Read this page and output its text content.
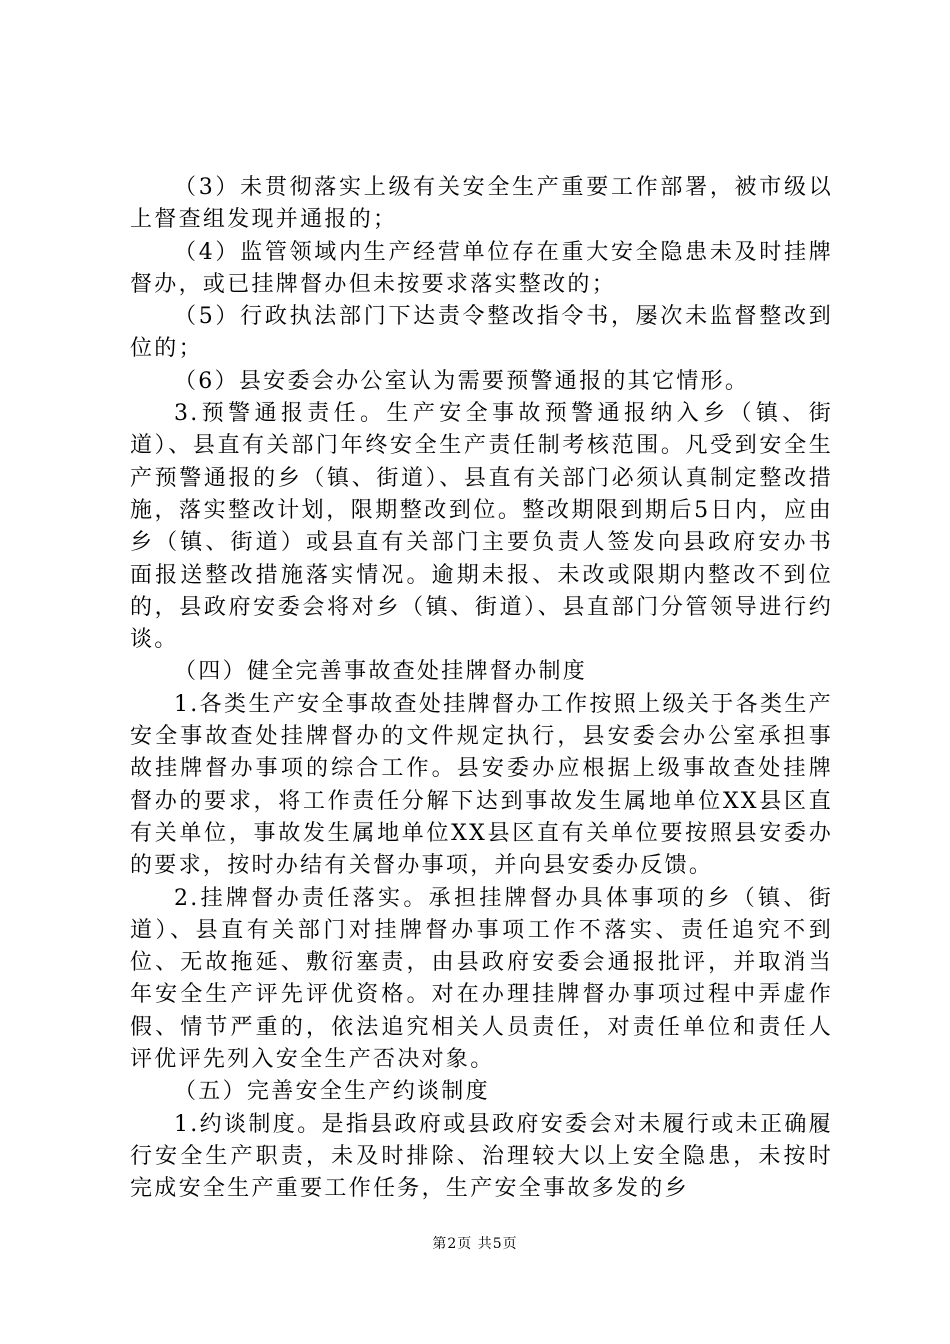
（3）未贯彻落实上级有关安全生产重要工作部署，被市级以上督查组发现并通报的；

（4）监管领域内生产经营单位存在重大安全隐患未及时挂牌督办，或已挂牌督办但未按要求落实整改的；

（5）行政执法部门下达责令整改指令书，屡次未监督整改到位的；

（6）县安委会办公室认为需要预警通报的其它情形。

3.预警通报责任。生产安全事故预警通报纳入乡（镇、街道）、县直有关部门年终安全生产责任制考核范围。凡受到安全生产预警通报的乡（镇、街道）、县直有关部门必须认真制定整改措施，落实整改计划，限期整改到位。整改期限到期后5日内，应由乡（镇、街道）或县直有关部门主要负责人签发向县政府安办书面报送整改措施落实情况。逾期未报、未改或限期内整改不到位的，县政府安委会将对乡（镇、街道）、县直部门分管领导进行约谈。

（四）健全完善事故查处挂牌督办制度

1.各类生产安全事故查处挂牌督办工作按照上级关于各类生产安全事故查处挂牌督办的文件规定执行，县安委会办公室承担事故挂牌督办事项的综合工作。县安委办应根据上级事故查处挂牌督办的要求，将工作责任分解下达到事故发生属地单位XX县区直有关单位，事故发生属地单位XX县区直有关单位要按照县安委办的要求，按时办结有关督办事项，并向县安委办反馈。

2.挂牌督办责任落实。承担挂牌督办具体事项的乡（镇、街道）、县直有关部门对挂牌督办事项工作不落实、责任追究不到位、无故拖延、敷衍塞责，由县政府安委会通报批评，并取消当年安全生产评先评优资格。对在办理挂牌督办事项过程中弄虚作假、情节严重的，依法追究相关人员责任，对责任单位和责任人评优评先列入安全生产否决对象。

（五）完善安全生产约谈制度

1.约谈制度。是指县政府或县政府安委会对未履行或未正确履行安全生产职责，未及时排除、治理较大以上安全隐患，未按时完成安全生产重要工作任务，生产安全事故多发的乡

第2页 共5页
